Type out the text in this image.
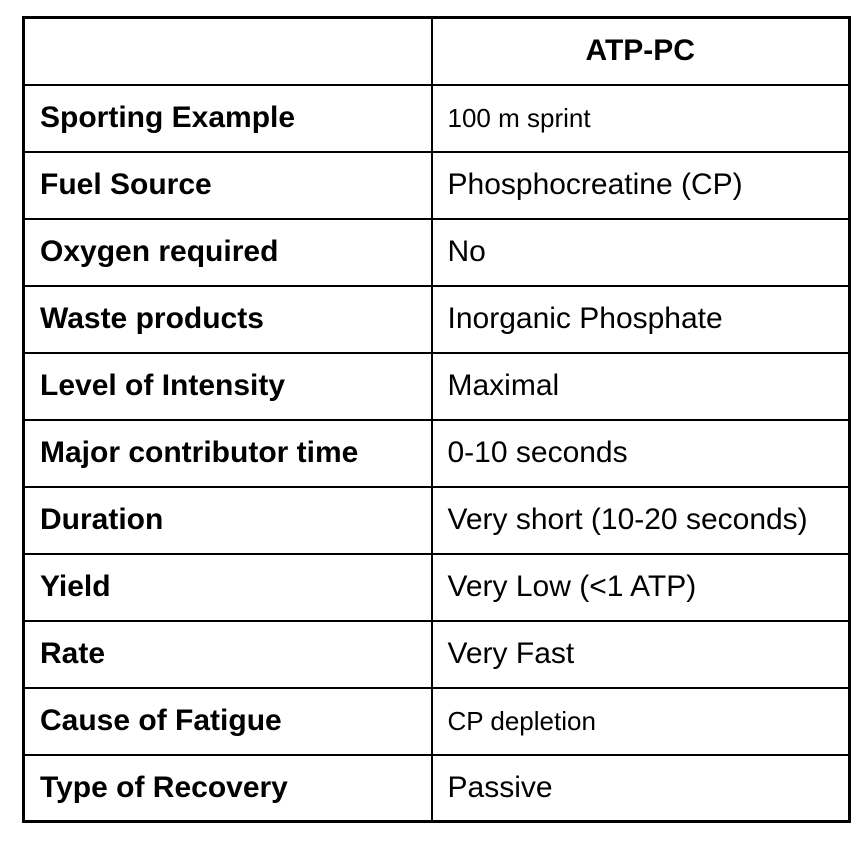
	ATP-PC
Sporting Example	100 m sprint
Fuel Source	Phosphocreatine (CP)
Oxygen required	No
Waste products	Inorganic Phosphate
Level of Intensity	Maximal
Major contributor time	0-10 seconds
Duration	Very short (10-20 seconds)
Yield	Very Low (<1 ATP)
Rate	Very Fast
Cause of Fatigue	CP depletion
Type of Recovery	Passive
